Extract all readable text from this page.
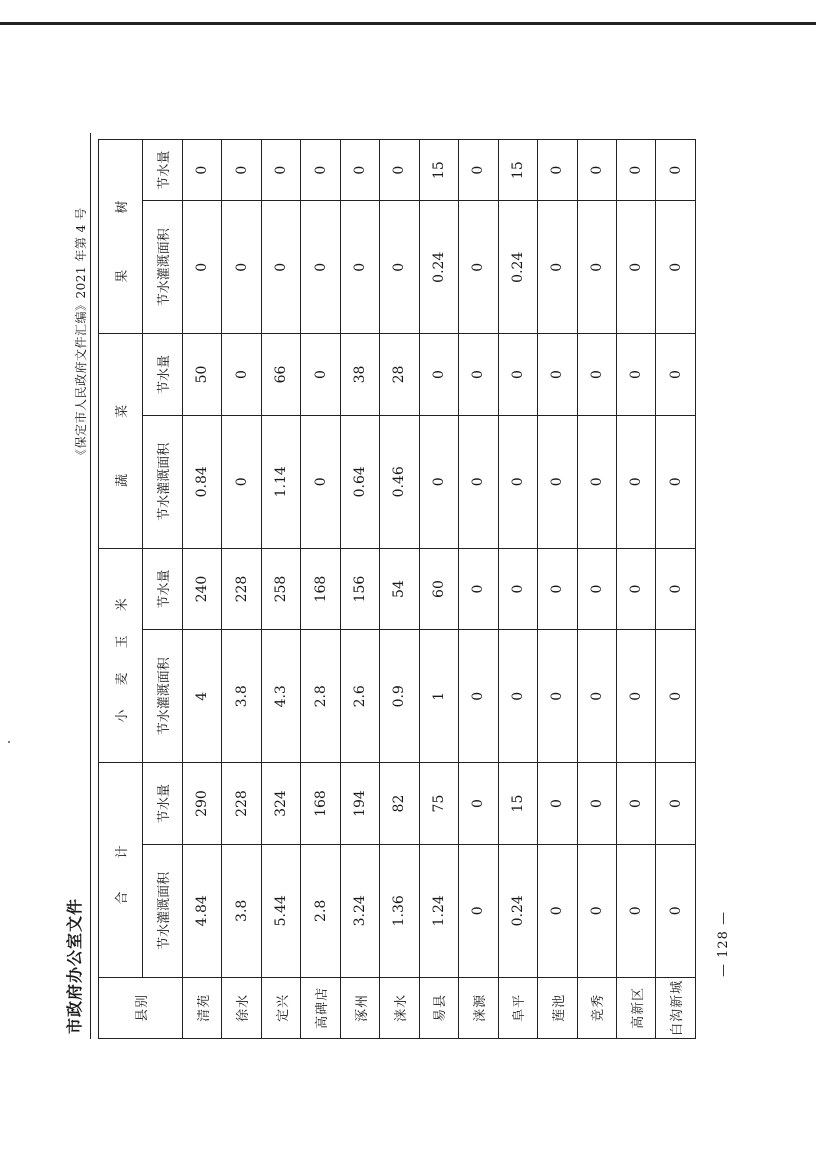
市政府办公室文件
《保定市人民政府文件汇编》2021 年第 4 号
县别	合　计		小 麦 玉 米		蔬　　菜		果　　树	
	节水灌溉面积	节水量	节水灌溉面积	节水量	节水灌溉面积	节水量	节水灌溉面积	节水量
清苑	4.84	290	4	240	0.84	50	0	0
徐水	3.8	228	3.8	228	0	0	0	0
定兴	5.44	324	4.3	258	1.14	66	0	0
高碑店	2.8	168	2.8	168	0	0	0	0
涿州	3.24	194	2.6	156	0.64	38	0	0
涞水	1.36	82	0.9	54	0.46	28	0	0
易县	1.24	75	1	60	0	0	0.24	15
涞源	0	0	0	0	0	0	0	0
阜平	0.24	15	0	0	0	0	0.24	15
莲池	0	0	0	0	0	0	0	0
竞秀	0	0	0	0	0	0	0	0
高新区	0	0	0	0	0	0	0	0
白沟新城	0	0	0	0	0	0	0	0
— 128 —
